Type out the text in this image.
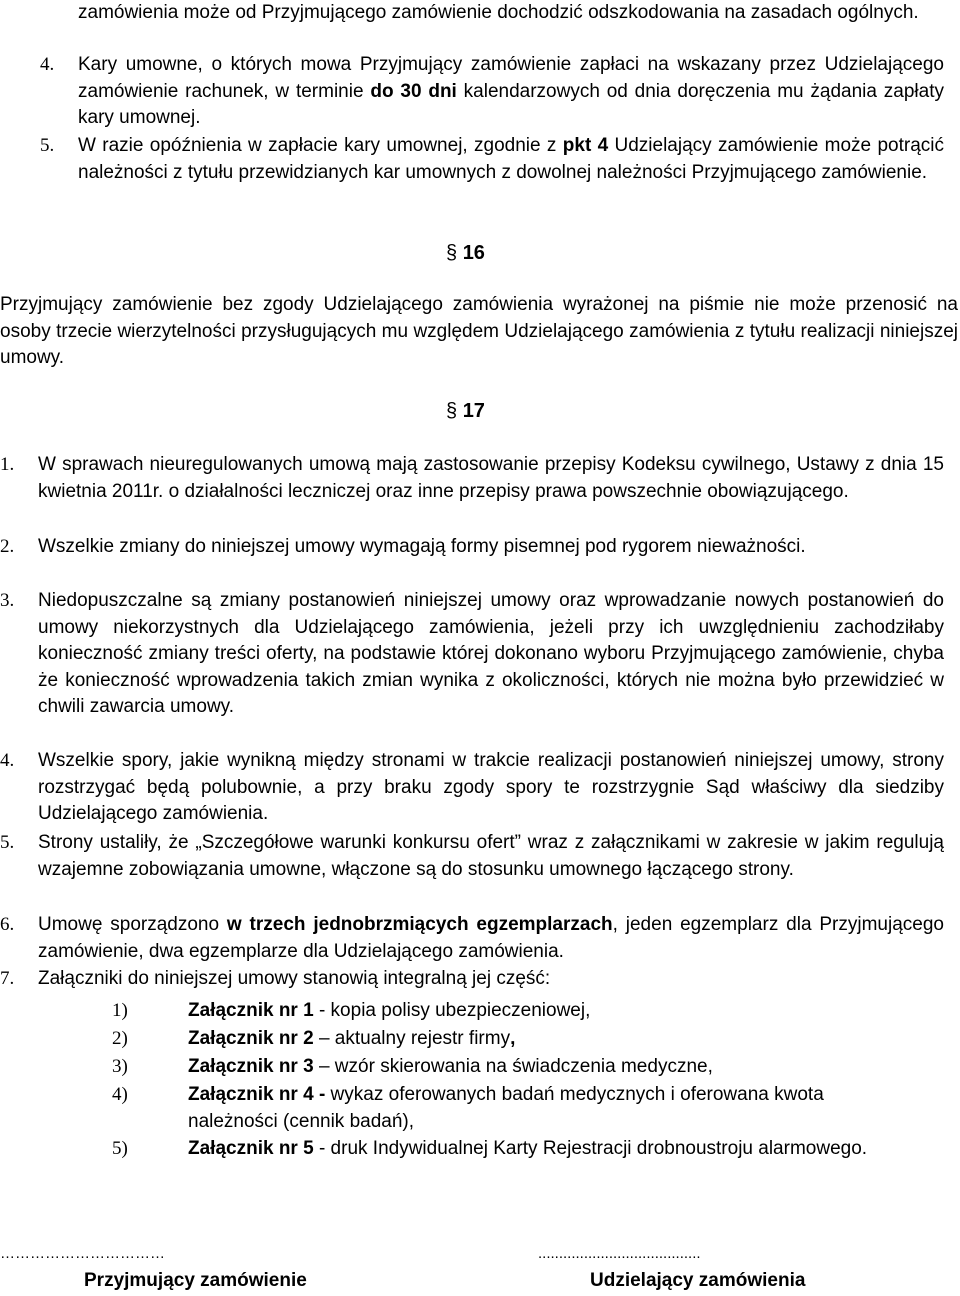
zamówienia może od Przyjmującego zamówienie dochodzić odszkodowania na zasadach ogólnych.
4. Kary umowne, o których mowa Przyjmujący zamówienie zapłaci na wskazany przez Udzielającego zamówienie rachunek, w terminie do 30 dni kalendarzowych od dnia doręczenia mu żądania zapłaty kary umownej.
5. W razie opóźnienia w zapłacie kary umownej, zgodnie z pkt 4 Udzielający zamówienie może potrącić należności z tytułu przewidzianych kar umownych z dowolnej należności Przyjmującego zamówienie.
§ 16
Przyjmujący zamówienie bez zgody Udzielającego zamówienia wyrażonej na piśmie nie może przenosić na osoby trzecie wierzytelności przysługujących mu względem Udzielającego zamówienia z tytułu realizacji niniejszej umowy.
§ 17
1. W sprawach nieuregulowanych umową mają zastosowanie przepisy Kodeksu cywilnego, Ustawy z dnia 15 kwietnia 2011r. o działalności leczniczej oraz inne przepisy prawa powszechnie obowiązującego.
2. Wszelkie zmiany do niniejszej umowy wymagają formy pisemnej pod rygorem nieważności.
3. Niedopuszczalne są zmiany postanowień niniejszej umowy oraz wprowadzanie nowych postanowień do umowy niekorzystnych dla Udzielającego zamówienia, jeżeli przy ich uwzględnieniu zachodziłaby konieczność zmiany treści oferty, na podstawie której dokonano wyboru Przyjmującego zamówienie, chyba że konieczność wprowadzenia takich zmian wynika z okoliczności, których nie można było przewidzieć w chwili zawarcia umowy.
4. Wszelkie spory, jakie wynikną między stronami w trakcie realizacji postanowień niniejszej umowy, strony rozstrzygać będą polubownie, a przy braku zgody spory te rozstrzygnie Sąd właściwy dla siedziby Udzielającego zamówienia.
5. Strony ustaliły, że „Szczegółowe warunki konkursu ofert” wraz z załącznikami w zakresie w jakim regulują wzajemne zobowiązania umowne, włączone są do stosunku umownego łączącego strony.
6. Umowę sporządzono w trzech jednobrzmiących egzemplarzach, jeden egzemplarz dla Przyjmującego zamówienie, dwa egzemplarze dla Udzielającego zamówienia.
7. Załączniki do niniejszej umowy stanowią integralną jej część:
1)	Załącznik nr 1 - kopia polisy ubezpieczeniowej,
2)	Załącznik nr 2 – aktualny rejestr firmy,
3)	Załącznik nr 3 – wzór skierowania na świadczenia medyczne,
4)	Załącznik nr 4 - wykaz oferowanych badań medycznych i oferowana kwota należności (cennik badań),
5)	Załącznik nr 5 - druk Indywidualnej Karty Rejestracji drobnoustroju alarmowego.
……………………………	.......................................
Przyjmujący zamówienie	Udzielający zamówienia
